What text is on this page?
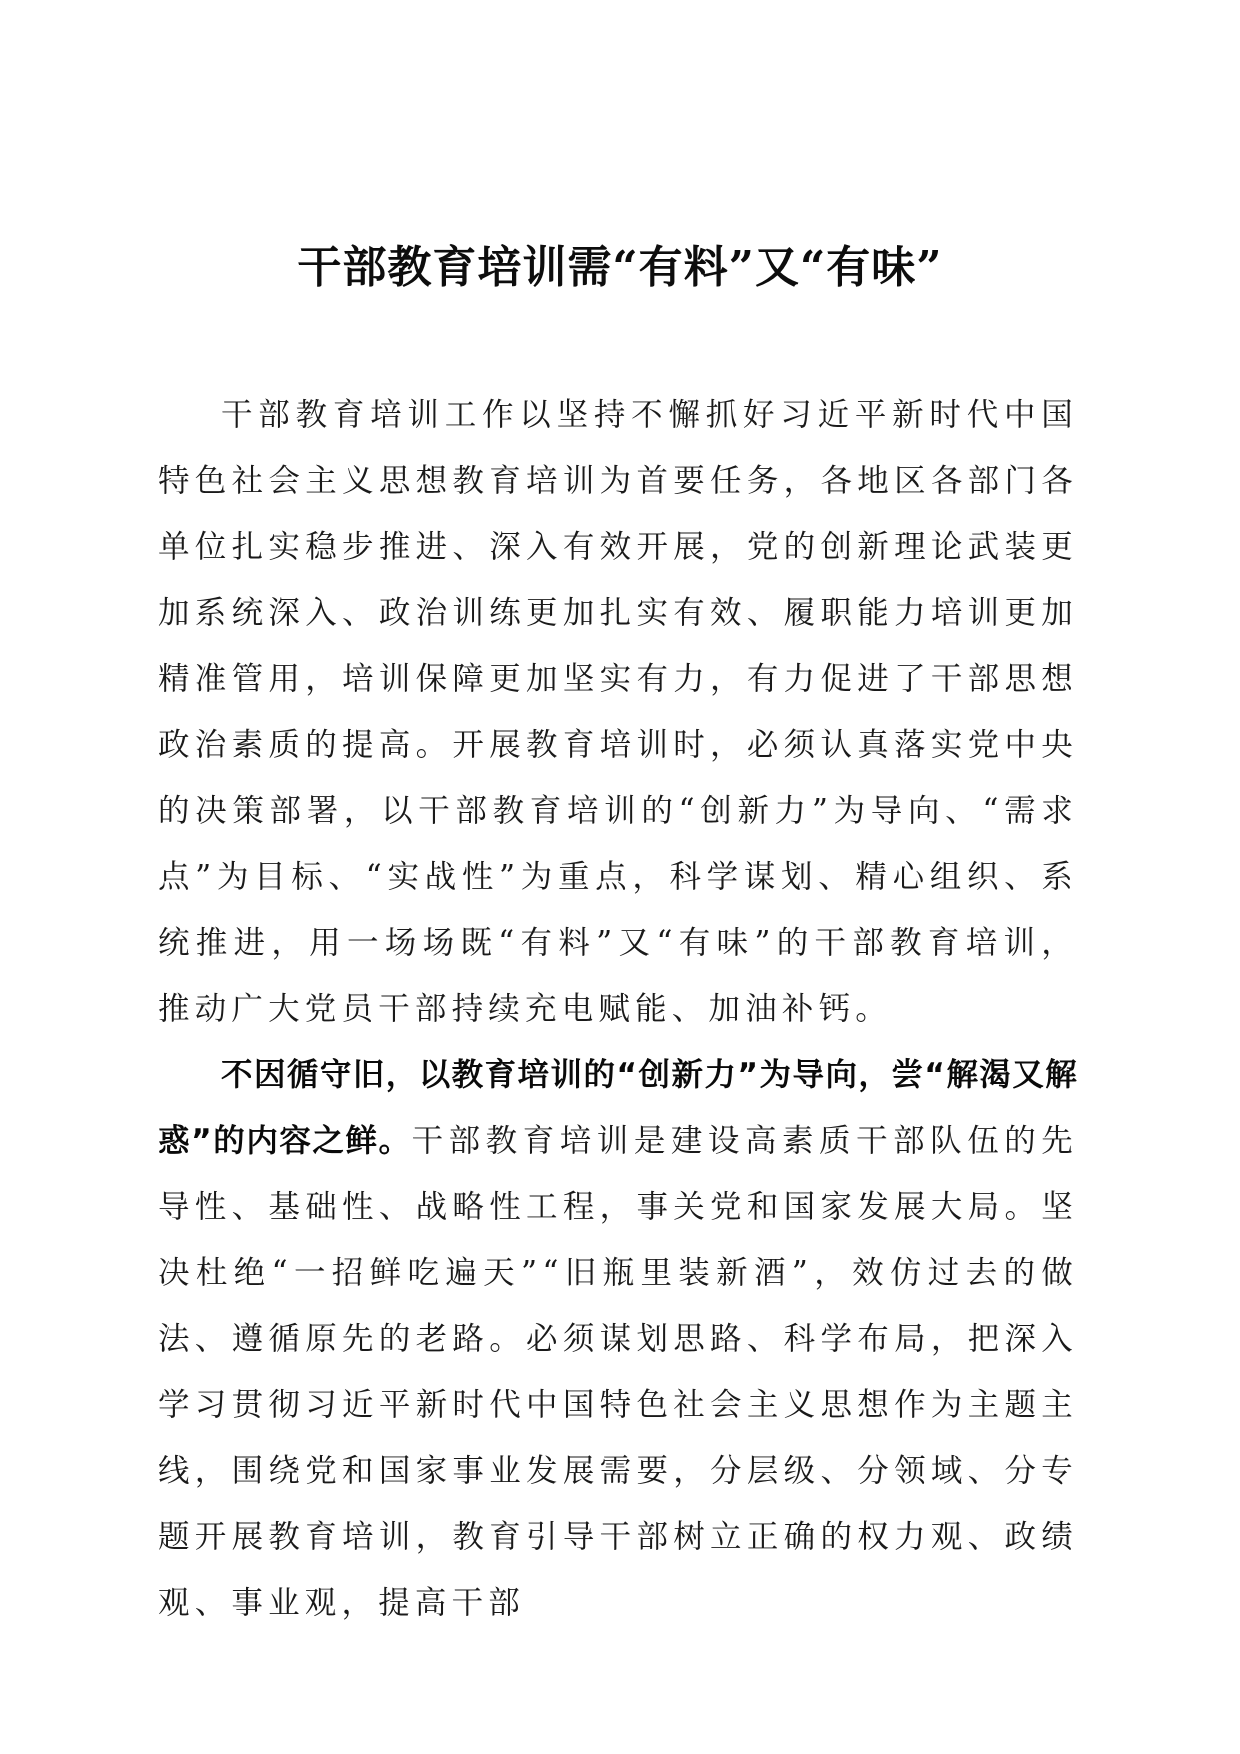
干部教育培训需“有料”又“有味”

干部教育培训工作以坚持不懈抓好习近平新时代中国特色社会主义思想教育培训为首要任务，各地区各部门各单位扎实稳步推进、深入有效开展，党的创新理论武装更加系统深入、政治训练更加扎实有效、履职能力培训更加精准管用，培训保障更加坚实有力，有力促进了干部思想政治素质的提高。开展教育培训时，必须认真落实党中央的决策部署，以干部教育培训的“创新力”为导向、“需求点”为目标、“实战性”为重点，科学谋划、精心组织、系统推进，用一场场既“有料”又“有味”的干部教育培训，推动广大党员干部持续充电赋能、加油补钙。

不因循守旧，以教育培训的“创新力”为导向，尝“解渴又解惑”的内容之鲜。干部教育培训是建设高素质干部队伍的先导性、基础性、战略性工程，事关党和国家发展大局。坚决杜绝“一招鲜吃遍天”“旧瓶里装新酒”，效仿过去的做法、遵循原先的老路。必须谋划思路、科学布局，把深入学习贯彻习近平新时代中国特色社会主义思想作为主题主线，围绕党和国家事业发展需要，分层级、分领域、分专题开展教育培训，教育引导干部树立正确的权力观、政绩观、事业观，提高干部
